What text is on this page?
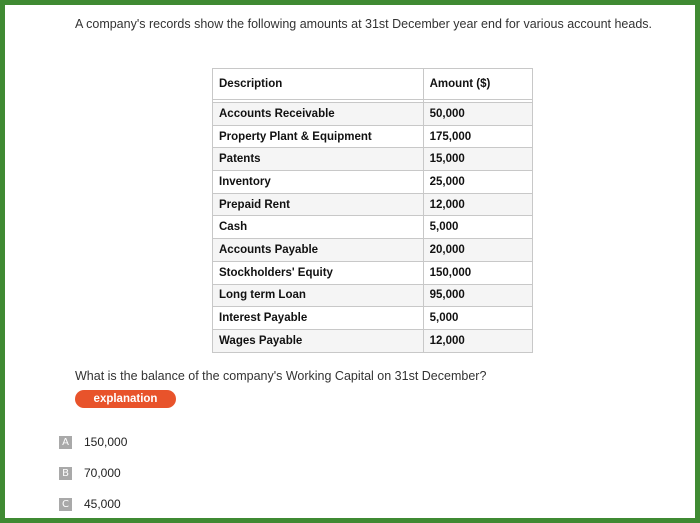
A company's records show the following amounts at 31st December year end for various account heads.

Description	Amount ($)

Accounts Receivable	50,000
Property Plant & Equipment	175,000
Patents	15,000
Inventory	25,000
Prepaid Rent	12,000
Cash	5,000
Accounts Payable	20,000
Stockholders' Equity	150,000
Long term Loan	95,000
Interest Payable	5,000
Wages Payable	12,000

What is the balance of the company's Working Capital on 31st December?

explanation
A 150,000
B 70,000
C 45,000
